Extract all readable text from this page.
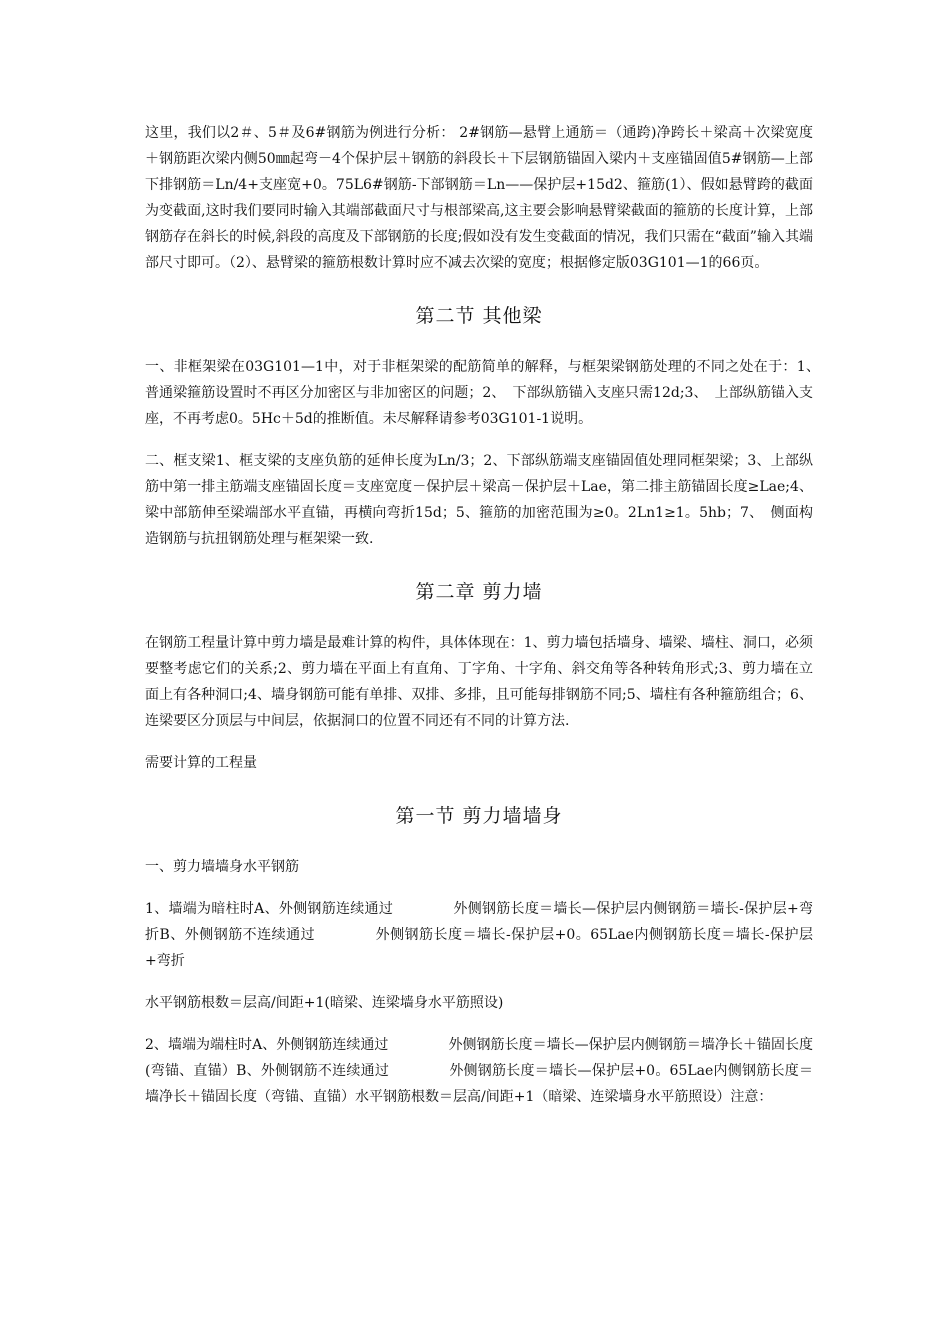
这里，我们以2＃、5＃及6#钢筋为例进行分析： 2#钢筋—悬臂上通筋＝（通跨)净跨长＋梁高＋次梁宽度＋钢筋距次梁内侧50㎜起弯－4个保护层＋钢筋的斜段长＋下层钢筋锚固入梁内＋支座锚固值5#钢筋—上部下排钢筋＝Ln/4+支座宽+0。75L6#钢筋-下部钢筋＝Ln——保护层+15d2、箍筋(1）、假如悬臂跨的截面为变截面,这时我们要同时输入其端部截面尺寸与根部梁高,这主要会影响悬臂梁截面的箍筋的长度计算，上部钢筋存在斜长的时候,斜段的高度及下部钢筋的长度;假如没有发生变截面的情况，我们只需在“截面”输入其端部尺寸即可。（2）、悬臂梁的箍筋根数计算时应不减去次梁的宽度；根据修定版03G101—1的66页。

第二节 其他梁

一、非框架梁在03G101—1中，对于非框架梁的配筋简单的解释，与框架梁钢筋处理的不同之处在于：1、　普通梁箍筋设置时不再区分加密区与非加密区的问题；2、　下部纵筋锚入支座只需12d;3、　上部纵筋锚入支座，不再考虑0。5Hc＋5d的推断值。未尽解释请参考03G101-1说明。

二、框支梁1、框支梁的支座负筋的延伸长度为Ln/3；2、下部纵筋端支座锚固值处理同框架梁；3、上部纵筋中第一排主筋端支座锚固长度＝支座宽度－保护层＋梁高－保护层＋Lae，第二排主筋锚固长度≥Lae;4、梁中部筋伸至梁端部水平直锚，再横向弯折15d；5、箍筋的加密范围为≥0。2Ln1≥1。5hb；7、　侧面构造钢筋与抗扭钢筋处理与框架梁一致.

第二章 剪力墙

在钢筋工程量计算中剪力墙是最难计算的构件，具体体现在：1、剪力墙包括墙身、墙梁、墙柱、洞口，必须要整考虑它们的关系;2、剪力墙在平面上有直角、丁字角、十字角、斜交角等各种转角形式;3、剪力墙在立面上有各种洞口;4、墙身钢筋可能有单排、双排、多排，且可能每排钢筋不同;5、墙柱有各种箍筋组合；6、连梁要区分顶层与中间层，依据洞口的位置不同还有不同的计算方法.

需要计算的工程量

第一节 剪力墙墙身

一、剪力墙墙身水平钢筋

1、墙端为暗柱时A、外侧钢筋连续通过	外侧钢筋长度＝墙长—保护层内侧钢筋＝墙长-保护层+弯折B、外侧钢筋不连续通过	外侧钢筋长度＝墙长-保护层+0。65Lae内侧钢筋长度＝墙长-保护层+弯折

水平钢筋根数＝层高/间距+1(暗梁、连梁墙身水平筋照设)

2、墙端为端柱时A、外侧钢筋连续通过	外侧钢筋长度＝墙长—保护层内侧钢筋＝墙净长＋锚固长度(弯锚、直锚）B、外侧钢筋不连续通过	外侧钢筋长度＝墙长—保护层+0。65Lae内侧钢筋长度＝墙净长＋锚固长度（弯锚、直锚）水平钢筋根数＝层高/间距+1（暗梁、连梁墙身水平筋照设）注意：
